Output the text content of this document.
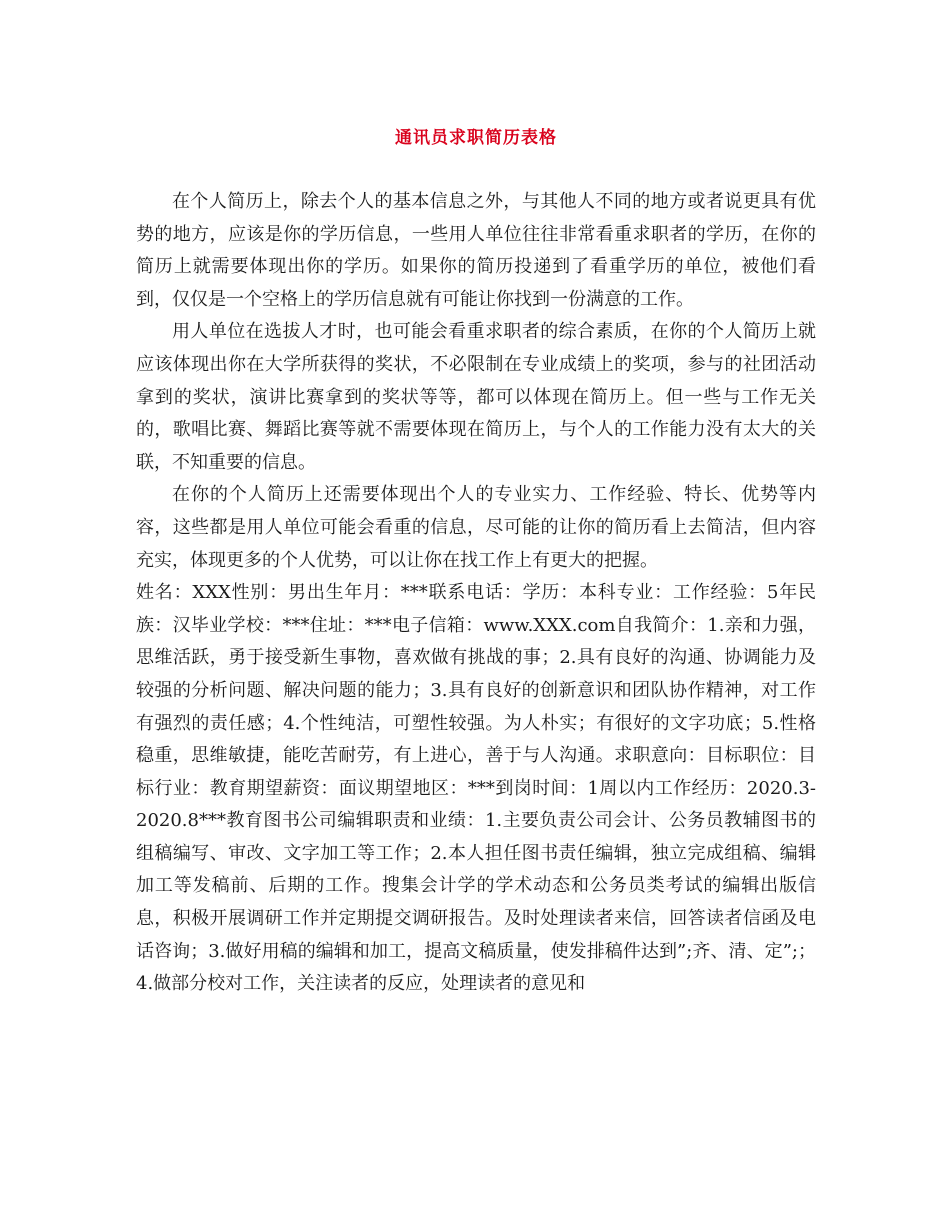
通讯员求职简历表格

在个人简历上，除去个人的基本信息之外，与其他人不同的地方或者说更具有优势的地方，应该是你的学历信息，一些用人单位往往非常看重求职者的学历，在你的简历上就需要体现出你的学历。如果你的简历投递到了看重学历的单位，被他们看到，仅仅是一个空格上的学历信息就有可能让你找到一份满意的工作。

用人单位在选拔人才时，也可能会看重求职者的综合素质，在你的个人简历上就应该体现出你在大学所获得的奖状，不必限制在专业成绩上的奖项，参与的社团活动拿到的奖状，演讲比赛拿到的奖状等等，都可以体现在简历上。但一些与工作无关的，歌唱比赛、舞蹈比赛等就不需要体现在简历上，与个人的工作能力没有太大的关联，不知重要的信息。

在你的个人简历上还需要体现出个人的专业实力、工作经验、特长、优势等内容，这些都是用人单位可能会看重的信息，尽可能的让你的简历看上去简洁，但内容充实，体现更多的个人优势，可以让你在找工作上有更大的把握。

姓名：XXX性别：男出生年月：***联系电话：学历：本科专业：工作经验：5年民族：汉毕业学校：***住址：***电子信箱：www.XXX.com自我简介：1.亲和力强，思维活跃，勇于接受新生事物，喜欢做有挑战的事；2.具有良好的沟通、协调能力及较强的分析问题、解决问题的能力；3.具有良好的创新意识和团队协作精神，对工作有强烈的责任感；4.个性纯洁，可塑性较强。为人朴实；有很好的文字功底；5.性格稳重，思维敏捷，能吃苦耐劳，有上进心，善于与人沟通。求职意向：目标职位：目标行业：教育期望薪资：面议期望地区：***到岗时间：1周以内工作经历：2020.3-2020.8***教育图书公司编辑职责和业绩：1.主要负责公司会计、公务员教辅图书的组稿编写、审改、文字加工等工作；2.本人担任图书责任编辑，独立完成组稿、编辑加工等发稿前、后期的工作。搜集会计学的学术动态和公务员类考试的编辑出版信息，积极开展调研工作并定期提交调研报告。及时处理读者来信，回答读者信函及电话咨询；3.做好用稿的编辑和加工，提高文稿质量，使发排稿件达到”;齐、清、定”;；4.做部分校对工作，关注读者的反应，处理读者的意见和
